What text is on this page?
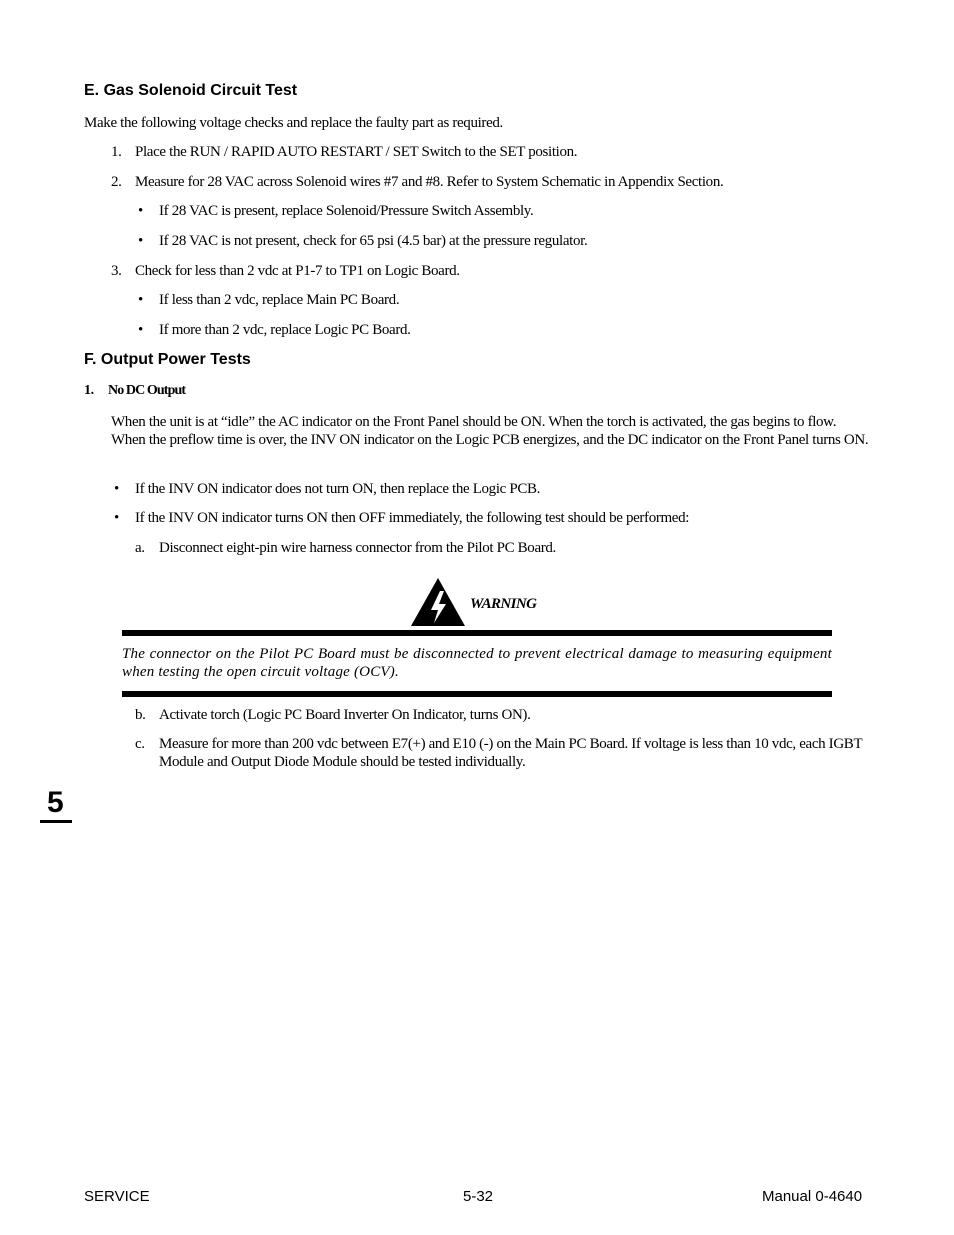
E. Gas Solenoid Circuit Test
Make the following voltage checks and replace the faulty part as required.
1. Place the RUN / RAPID AUTO RESTART / SET Switch to the SET position.
2. Measure for 28 VAC across Solenoid wires #7 and #8. Refer to System Schematic in Appendix Section.
• If 28 VAC is present, replace Solenoid/Pressure Switch Assembly.
• If 28 VAC is not present, check for 65 psi (4.5 bar) at the pressure regulator.
3. Check for less than 2 vdc at P1-7 to TP1 on Logic Board.
• If less than 2 vdc, replace Main PC Board.
• If more than 2 vdc, replace Logic PC Board.
F. Output Power Tests
1. No DC Output
When the unit is at “idle” the AC indicator on the Front Panel should be ON. When the torch is activated, the gas begins to flow. When the preflow time is over, the INV ON indicator on the Logic PCB energizes, and the DC indicator on the Front Panel turns ON.
• If the INV ON indicator does not turn ON, then replace the Logic PCB.
• If the INV ON indicator turns ON then OFF immediately, the following test should be performed:
a. Disconnect eight-pin wire harness connector from the Pilot PC Board.
WARNING
The connector on the Pilot PC Board must be disconnected to prevent electrical damage to measuring equipment when testing the open circuit voltage (OCV).
b. Activate torch (Logic PC Board Inverter On Indicator, turns ON).
c. Measure for more than 200 vdc between E7(+) and E10 (-) on the Main PC Board. If voltage is less than 10 vdc, each IGBT Module and Output Diode Module should be tested individually.
5
SERVICE	5-32	Manual 0-4640
